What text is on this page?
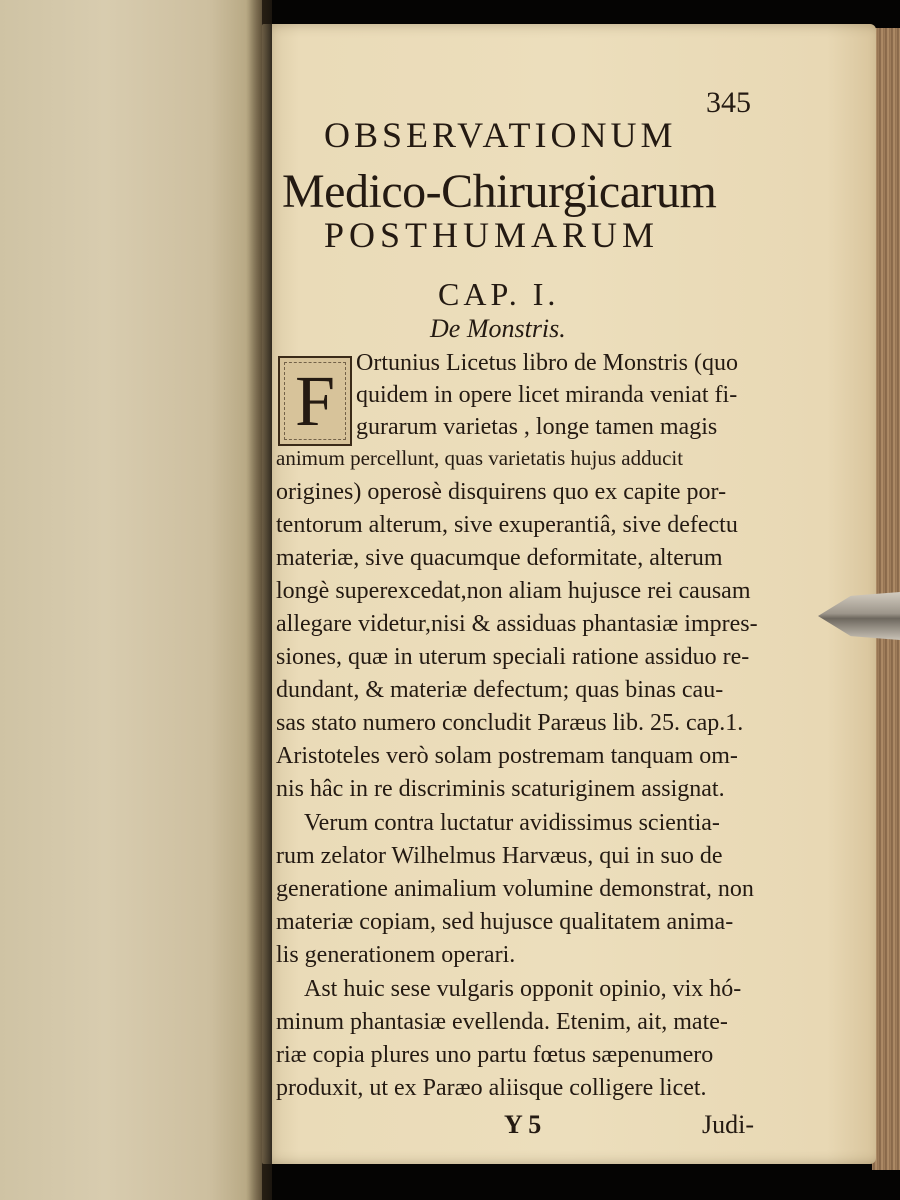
345
OBSERVATIONUM
Medico-Chirurgicarum
POSTHUMARUM
CAP. I.
De Monstris.
F Ortunius Licetus libro de Monstris (quo
quidem in opere licet miranda veniat fi-
gurarum varietas , longe tamen magis
animum percellunt, quas varietatis hujus adducit
origines) operosè disquirens quo ex capite por-
tentorum alterum, sive exuperantiâ, sive defectu
materiæ, sive quacumque deformitate, alterum
longè superexcedat,non aliam hujusce rei causam
allegare videtur,nisi & assiduas phantasiæ impres-
siones, quæ in uterum speciali ratione assiduo re-
dundant, & materiæ defectum; quas binas cau-
sas stato numero concludit Paræus lib. 25. cap.1.
Aristoteles verò solam postremam tanquam om-
nis hâc in re discriminis scaturiginem assignat.
Verum contra luctatur avidissimus scientia-
rum zelator Wilhelmus Harvæus, qui in suo de
generatione animalium volumine demonstrat, non
materiæ copiam, sed hujusce qualitatem anima-
lis generationem operari.
Ast huic sese vulgaris opponit opinio, vix hó-
minum phantasiæ evellenda. Etenim, ait, mate-
riæ copia plures uno partu fœtus sæpenumero
produxit, ut ex Paræo aliisque colligere licet.
Y 5	Judi-
